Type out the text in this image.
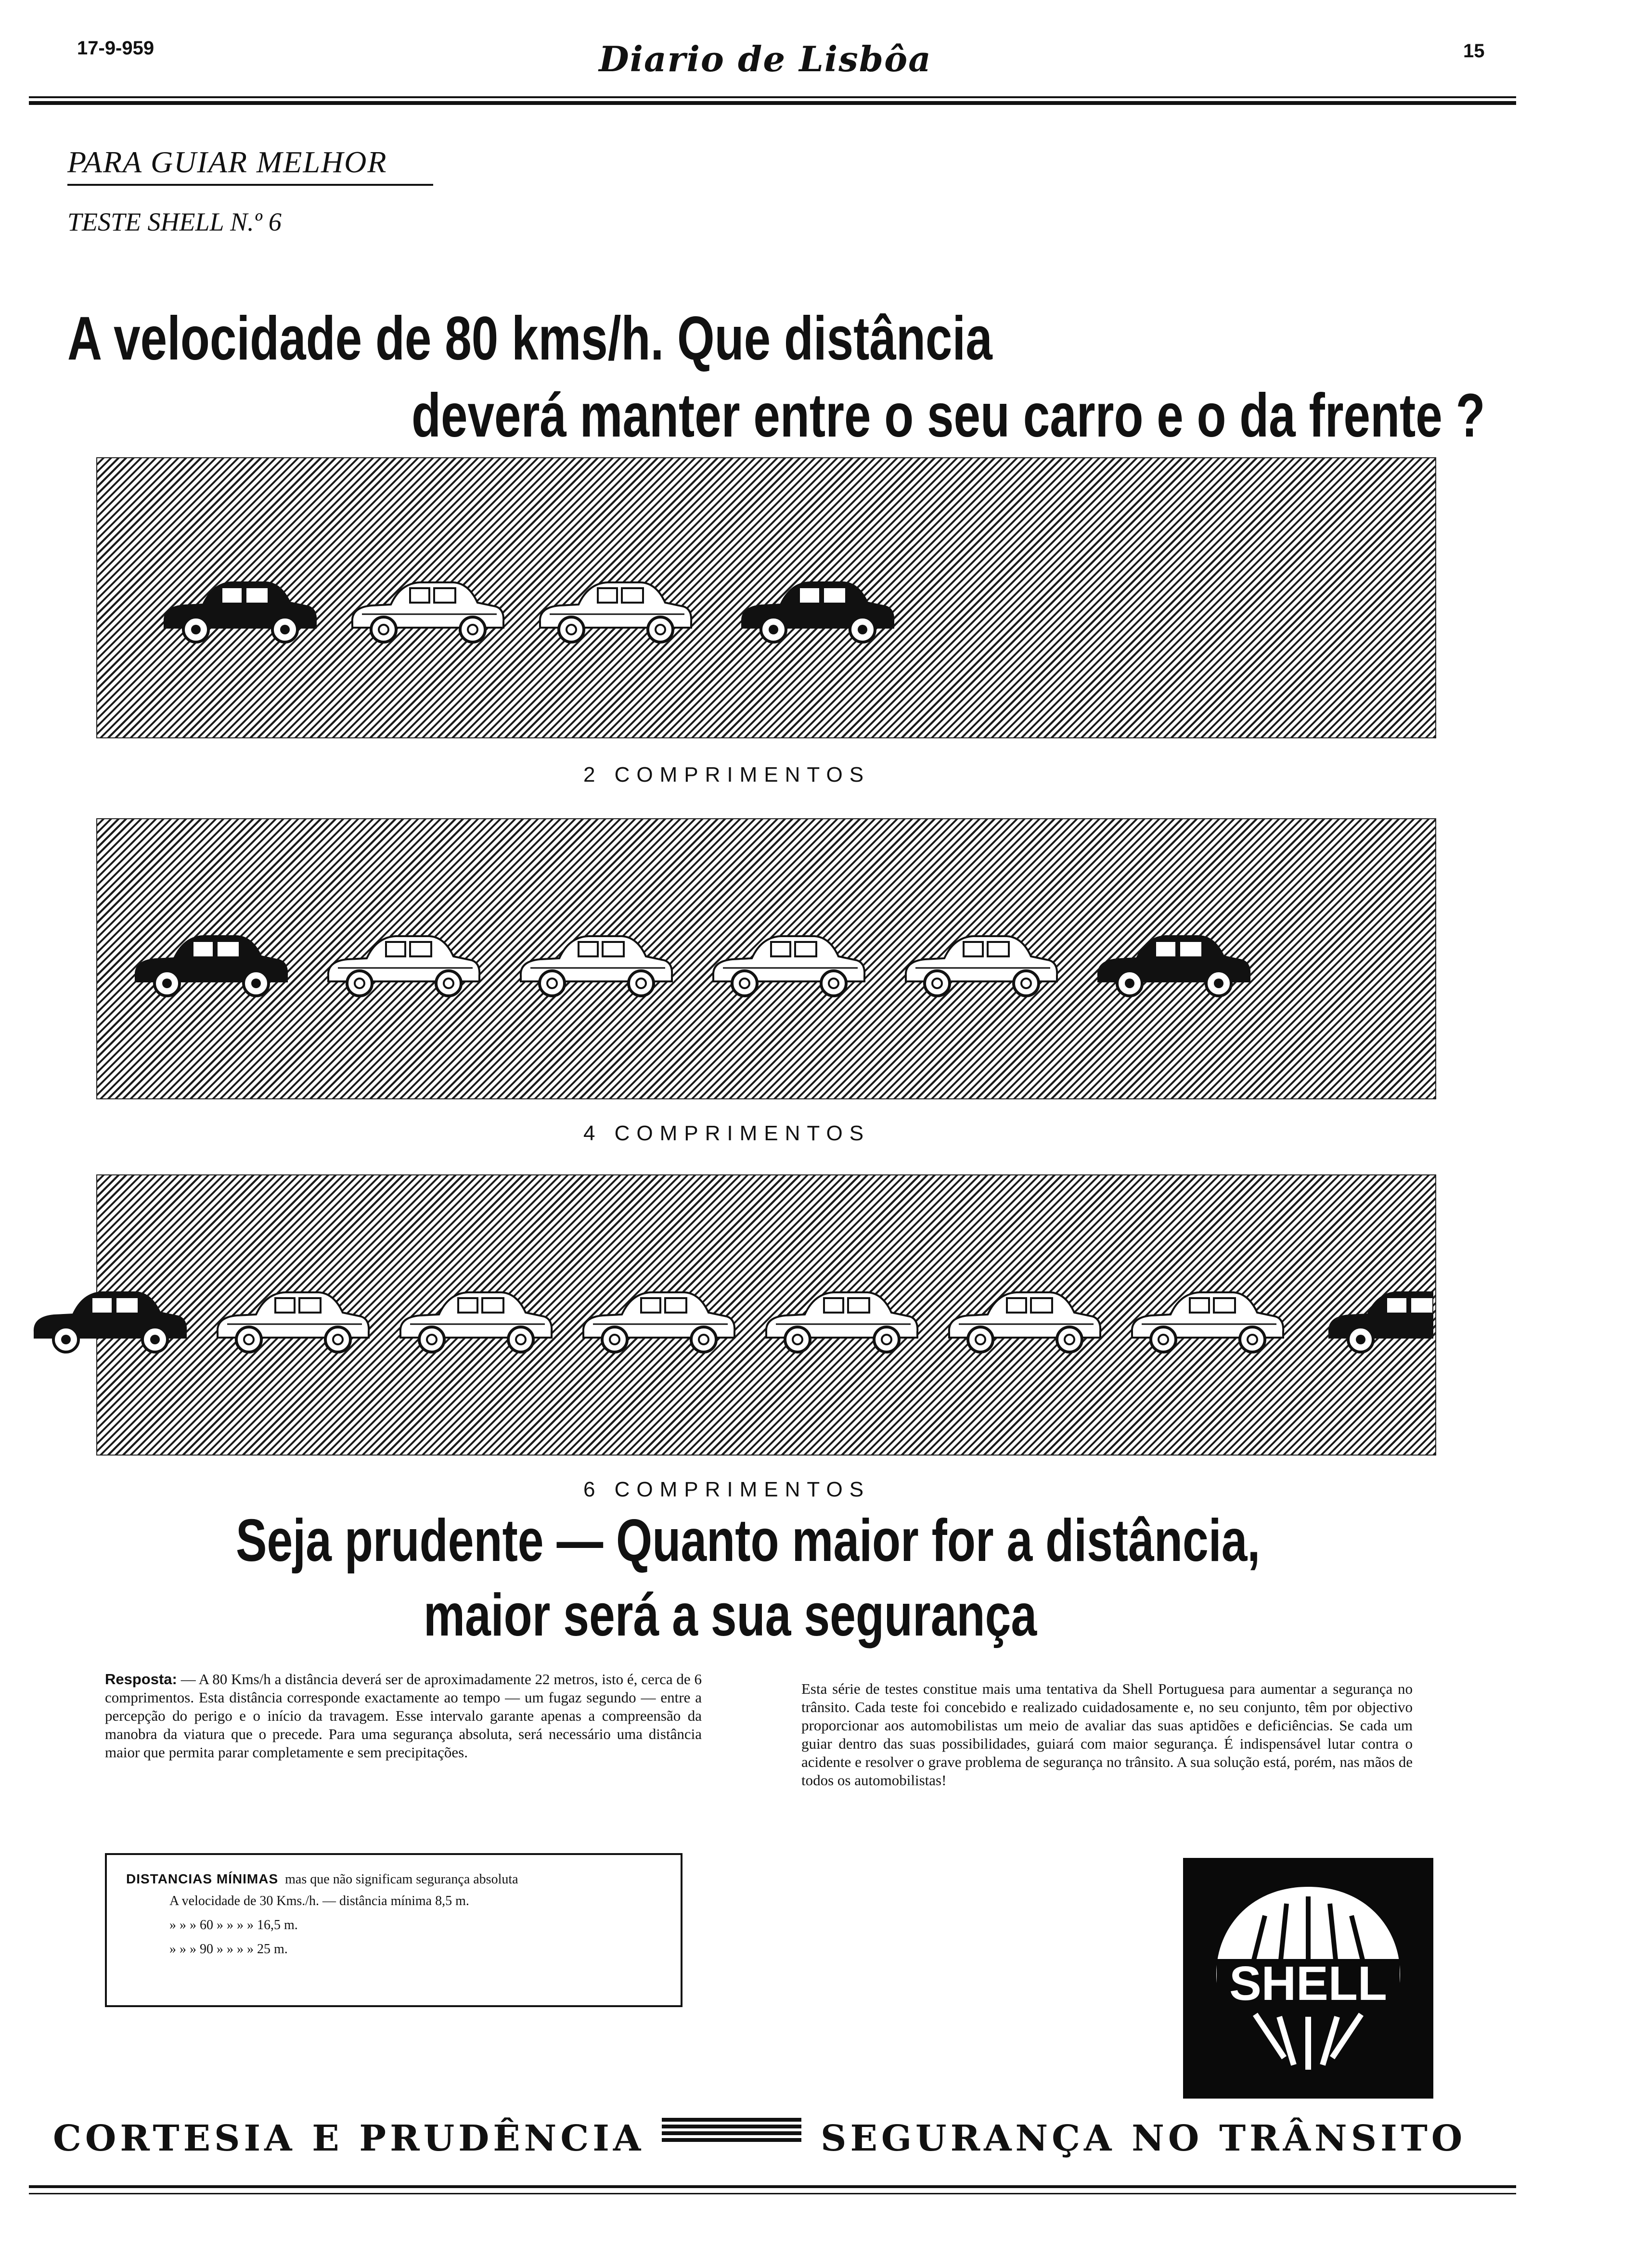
17-9-959	Diario de Lisbôa	15
PARA GUIAR MELHOR
TESTE SHELL N.º 6
A velocidade de 80 kms/h. Que distância
deverá manter entre o seu carro e o da frente ?
2 COMPRIMENTOS
4 COMPRIMENTOS
6 COMPRIMENTOS
Seja prudente — Quanto maior for a distância,
maior será a sua segurança
Resposta: — A 80 Kms/h a distância deverá ser de aproximadamente 22 metros, isto é, cerca de 6 comprimentos. Esta distância corresponde exactamente ao tempo — um fugaz segundo — entre a percepção do perigo e o início da travagem. Esse intervalo garante apenas a compreensão da manobra da viatura que o precede. Para uma segurança absoluta, será necessário uma distância maior que permita parar completamente e sem precipitações.
Esta série de testes constitue mais uma tentativa da Shell Portuguesa para aumentar a segurança no trânsito. Cada teste foi concebido e realizado cuidadosamente e, no seu conjunto, têm por objectivo proporcionar aos automobilistas um meio de avaliar das suas aptidões e deficiências. Se cada um guiar dentro das suas possibilidades, guiará com maior segurança. É indispensável lutar contra o acidente e resolver o grave problema de segurança no trânsito. A sua solução está, porém, nas mãos de todos os automobilistas!
DISTANCIAS MÍNIMAS mas que não significam segurança absoluta
A velocidade de 30 Kms./h. — distância mínima 8,5 m.
» » » 60 » » » » 16,5 m.
» » » 90 » » » » 25 m.
SHELL
CORTESIA E PRUDÊNCIA	SEGURANÇA NO TRÂNSITO
